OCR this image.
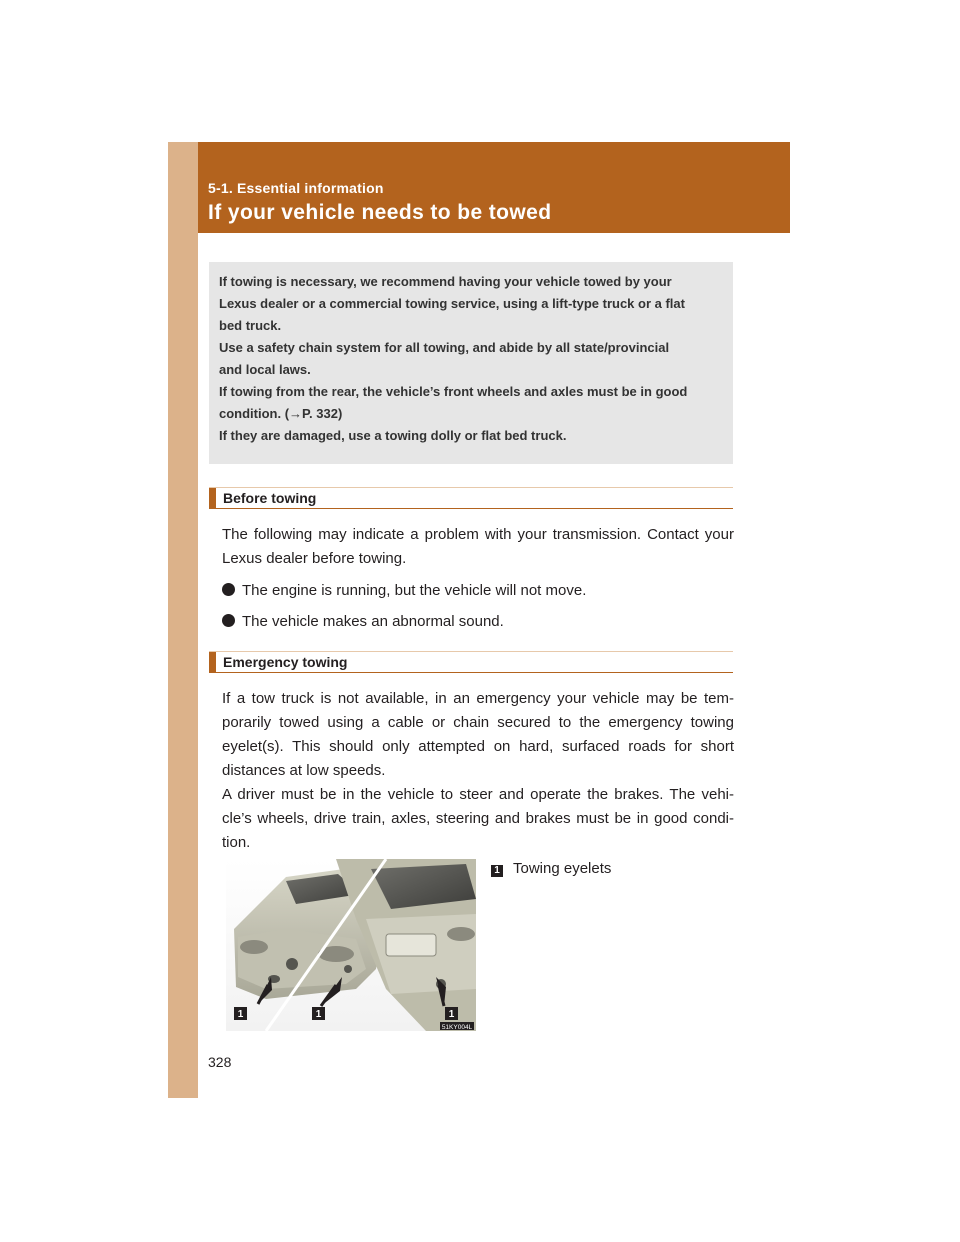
5-1. Essential information
If your vehicle needs to be towed
If towing is necessary, we recommend having your vehicle towed by your
Lexus dealer or a commercial towing service, using a lift-type truck or a flat
bed truck.
Use a safety chain system for all towing, and abide by all state/provincial
and local laws.
If towing from the rear, the vehicle’s front wheels and axles must be in good
condition. (→P. 332)
If they are damaged, use a towing dolly or flat bed truck.
Before towing
The following may indicate a problem with your transmission. Contact your Lexus dealer before towing.
The engine is running, but the vehicle will not move.
The vehicle makes an abnormal sound.
Emergency towing
If a tow truck is not available, in an emergency your vehicle may be tem-porarily towed using a cable or chain secured to the emergency towing eyelet(s). This should only attempted on hard, surfaced roads for short distances at low speeds.
A driver must be in the vehicle to steer and operate the brakes. The vehi-cle’s wheels, drive train, axles, steering and brakes must be in good condi-tion.
1	1	1
51KY004L
1 Towing eyelets
328
